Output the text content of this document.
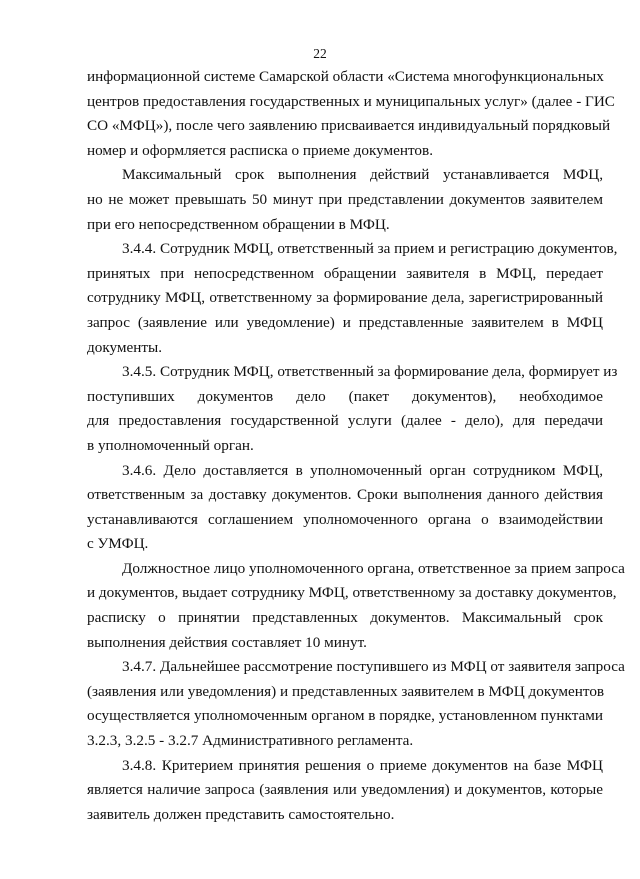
22
информационной системе Самарской области «Система многофункциональных
центров предоставления государственных и муниципальных услуг» (далее - ГИС
СО «МФЦ»), после чего заявлению присваивается индивидуальный порядковый
номер и оформляется расписка о приеме документов.
Максимальный срок выполнения действий устанавливается МФЦ,
но не может превышать 50 минут при представлении документов заявителем
при его непосредственном обращении в МФЦ.
3.4.4. Сотрудник МФЦ, ответственный за прием и регистрацию документов,
принятых при непосредственном обращении заявителя в МФЦ, передает
сотруднику МФЦ, ответственному за формирование дела, зарегистрированный
запрос (заявление или уведомление) и представленные заявителем в МФЦ
документы.
3.4.5. Сотрудник МФЦ, ответственный за формирование дела, формирует из
поступивших документов дело (пакет документов), необходимое
для предоставления государственной услуги (далее - дело), для передачи
в уполномоченный орган.
3.4.6. Дело доставляется в уполномоченный орган сотрудником МФЦ,
ответственным за доставку документов. Сроки выполнения данного действия
устанавливаются соглашением уполномоченного органа о взаимодействии
с УМФЦ.
Должностное лицо уполномоченного органа, ответственное за прием запроса
и документов, выдает сотруднику МФЦ, ответственному за доставку документов,
расписку о принятии представленных документов. Максимальный срок
выполнения действия составляет 10 минут.
3.4.7. Дальнейшее рассмотрение поступившего из МФЦ от заявителя запроса
(заявления или уведомления) и представленных заявителем в МФЦ документов
осуществляется уполномоченным органом в порядке, установленном пунктами
3.2.3, 3.2.5 - 3.2.7 Административного регламента.
3.4.8. Критерием принятия решения о приеме документов на базе МФЦ
является наличие запроса (заявления или уведомления) и документов, которые
заявитель должен представить самостоятельно.
